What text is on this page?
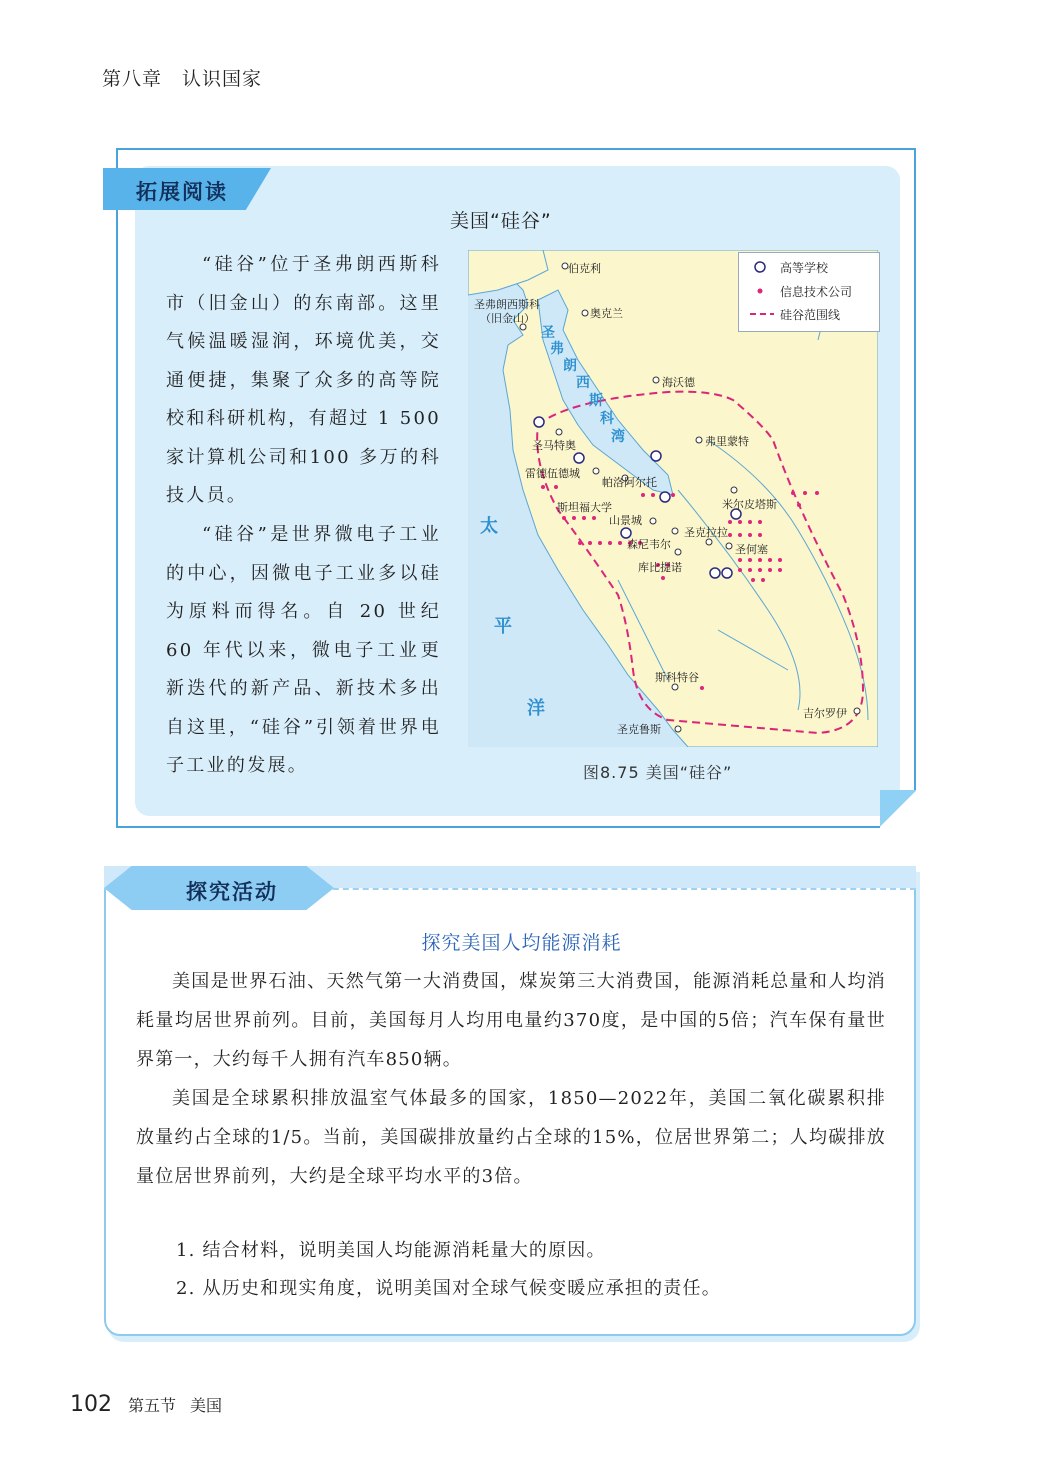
第八章 认识国家
拓展阅读
美国“硅谷”

“硅谷”位于圣弗朗西斯科市（旧金山）的东南部。这里气候温暖湿润，环境优美，交通便捷，集聚了众多的高等院校和科研机构，有超过 1 500 家计算机公司和100 多万的科技人员。

“硅谷”是世界微电子工业的中心，因微电子工业多以硅为原料而得名。自 20 世纪 60 年代以来，微电子工业更新迭代的新产品、新技术多出自这里，“硅谷”引领着世界电子工业的发展。

高等学校
信息技术公司
硅谷范围线
伯克利
圣弗朗西斯科
（旧金山）	奥克兰
海沃德
弗里蒙特
圣马特奥
雷德伍德城
帕洛阿尔托
米尔皮塔斯
斯坦福大学
山景城
圣克拉拉
森尼韦尔	圣何塞
库比提诺
斯科特谷
圣克鲁斯
吉尔罗伊
圣
弗
朗
西
斯
科
湾
太
平
洋
图8.75 美国“硅谷”
探究活动
探究美国人均能源消耗

美国是世界石油、天然气第一大消费国，煤炭第三大消费国，能源消耗总量和人均消耗量均居世界前列。目前，美国每月人均用电量约370度，是中国的5倍；汽车保有量世界第一，大约每千人拥有汽车850辆。

美国是全球累积排放温室气体最多的国家，1850—2022年，美国二氧化碳累积排放量约占全球的1/5。当前，美国碳排放量约占全球的15%，位居世界第二；人均碳排放量位居世界前列，大约是全球平均水平的3倍。

1. 结合材料，说明美国人均能源消耗量大的原因。
2. 从历史和现实角度，说明美国对全球气候变暖应承担的责任。
102 第五节 美国
